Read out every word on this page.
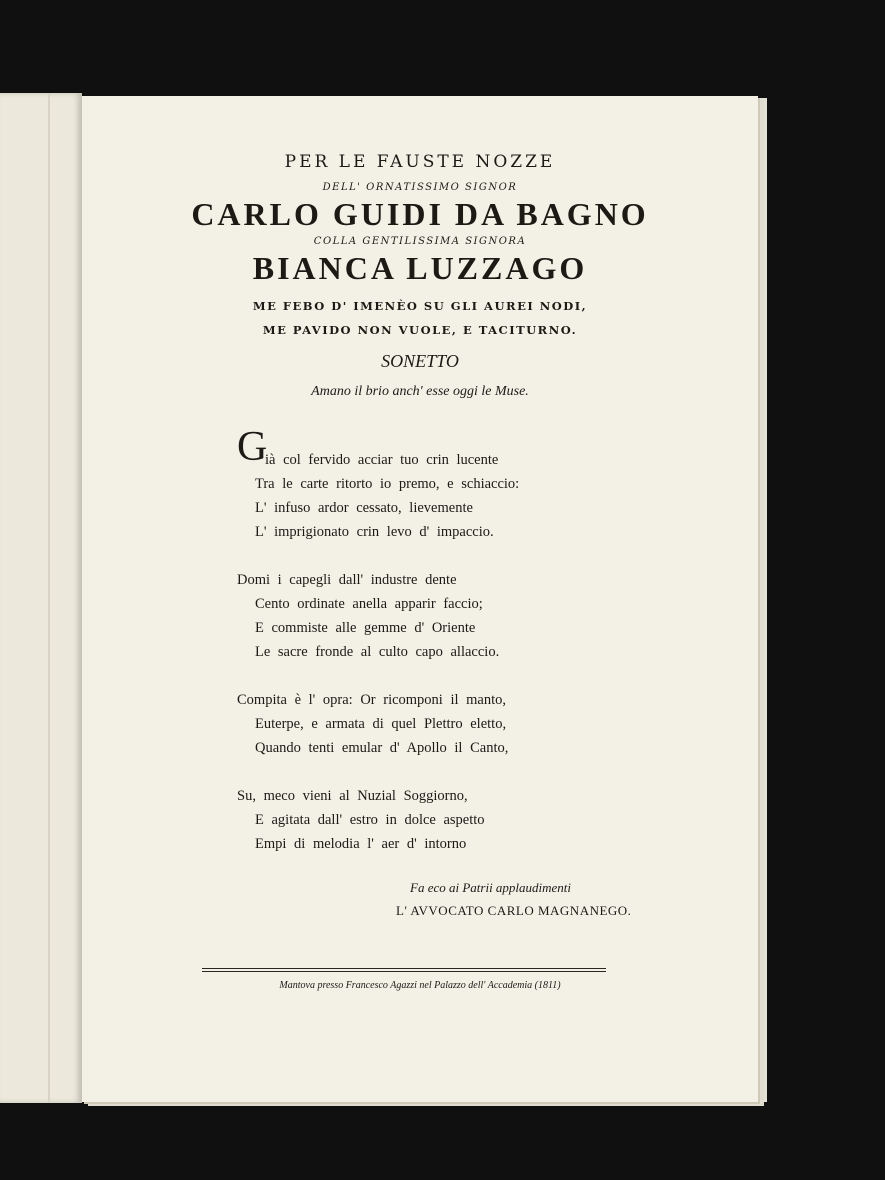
PER LE FAUSTE NOZZE
DELL' ORNATISSIMO SIGNOR
CARLO GUIDI DA BAGNO
COLLA GENTILISSIMA SIGNORA
BIANCA LUZZAGO
ME FEBO D' IMENÈO SU GLI AUREI NODI,
ME PAVIDO NON VUOLE, E TACITURNO.
SONETTO
Amano il brio anch' esse oggi le Muse.
G
ià col fervido acciar tuo crin lucente
Tra le carte ritorto io premo, e schiaccio:
L' infuso ardor cessato, lievemente
L' imprigionato crin levo d' impaccio.
Domi i capegli dall' industre dente
Cento ordinate anella apparir faccio;
E commiste alle gemme d' Oriente
Le sacre fronde al culto capo allaccio.
Compita è l' opra: Or ricomponi il manto,
Euterpe, e armata di quel Plettro eletto,
Quando tenti emular d' Apollo il Canto,
Su, meco vieni al Nuzial Soggiorno,
E agitata dall' estro in dolce aspetto
Empi di melodia l' aer d' intorno
Fa eco ai Patrii applaudimenti
L' AVVOCATO CARLO MAGNANEGO.
Mantova presso Francesco Agazzi nel Palazzo dell' Accademia (1811)
